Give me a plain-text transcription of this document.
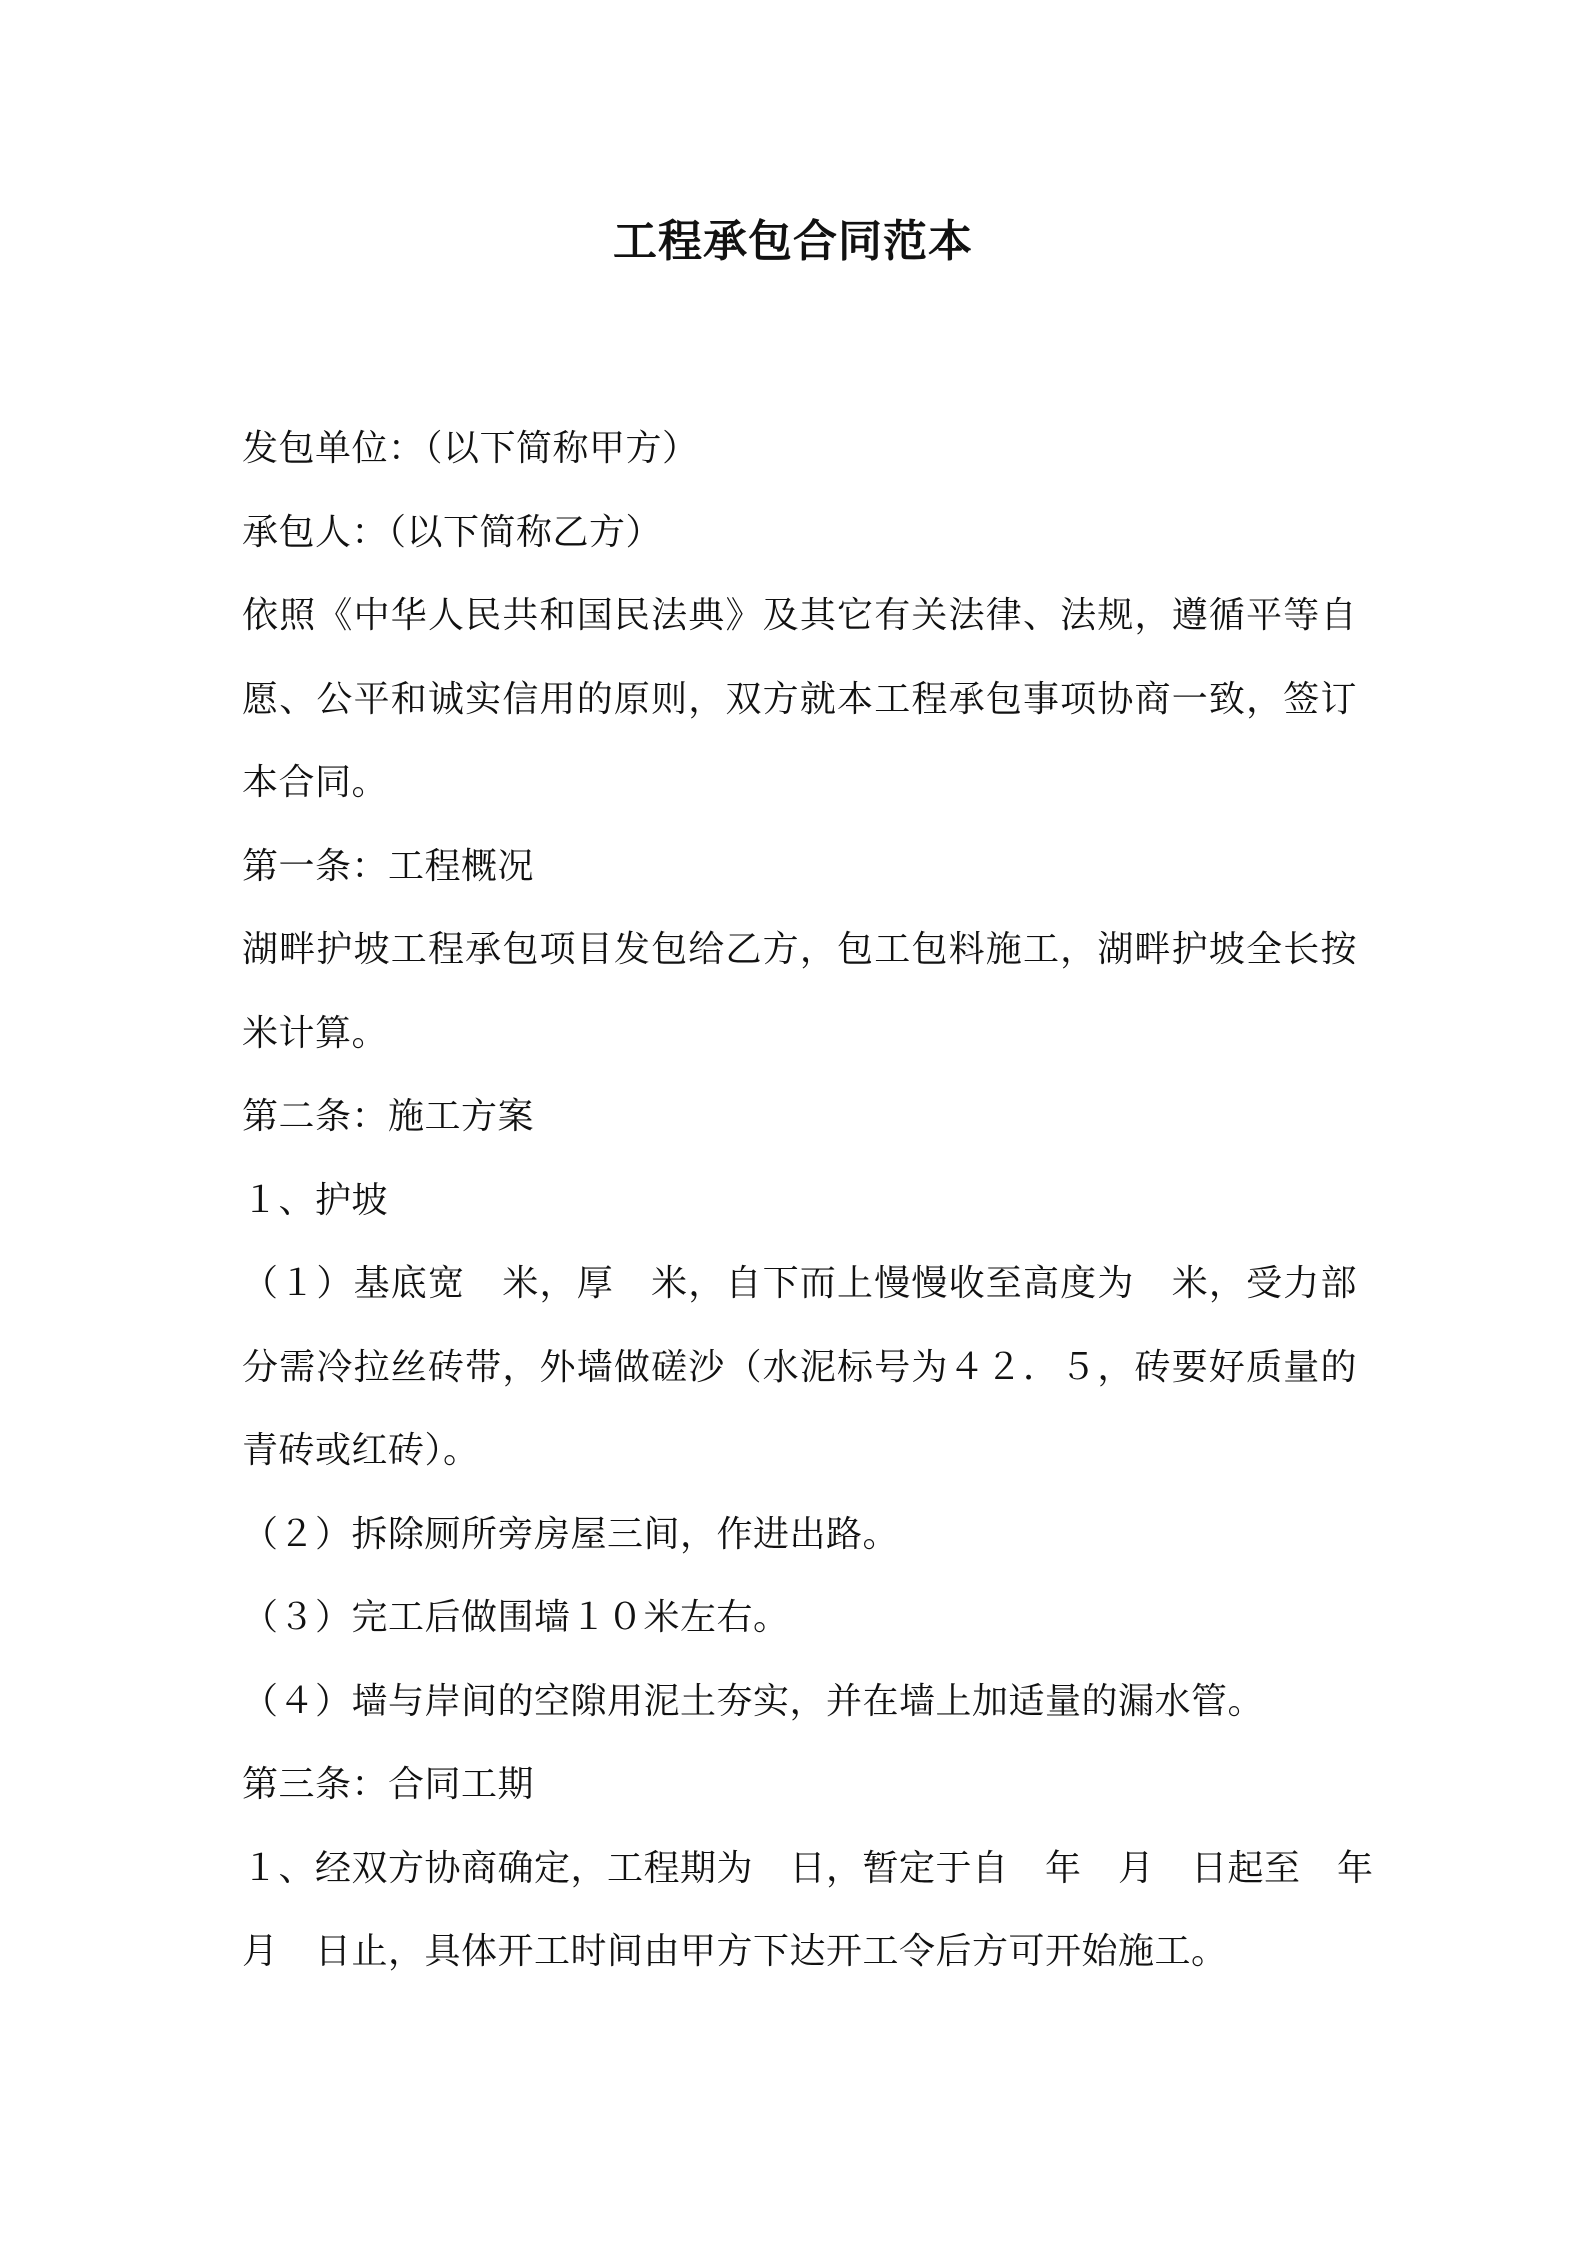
工程承包合同范本
发包单位：（以下简称甲方）
承包人：（以下简称乙方）
依照《中华人民共和国民法典》及其它有关法律、法规，遵循平等自
愿、公平和诚实信用的原则，双方就本工程承包事项协商一致，签订
本合同。
第一条：工程概况
湖畔护坡工程承包项目发包给乙方，包工包料施工，湖畔护坡全长按
米计算。
第二条：施工方案
１、护坡
（１）基底宽　米，厚　米，自下而上慢慢收至高度为　米，受力部
分需冷拉丝砖带，外墙做磋沙（水泥标号为４２．５，砖要好质量的
青砖或红砖）。
（２）拆除厕所旁房屋三间，作进出路。
（３）完工后做围墙１０米左右。
（４）墙与岸间的空隙用泥土夯实，并在墙上加适量的漏水管。
第三条：合同工期
１、经双方协商确定，工程期为　日，暂定于自　年　月　日起至　年
月　日止，具体开工时间由甲方下达开工令后方可开始施工。
